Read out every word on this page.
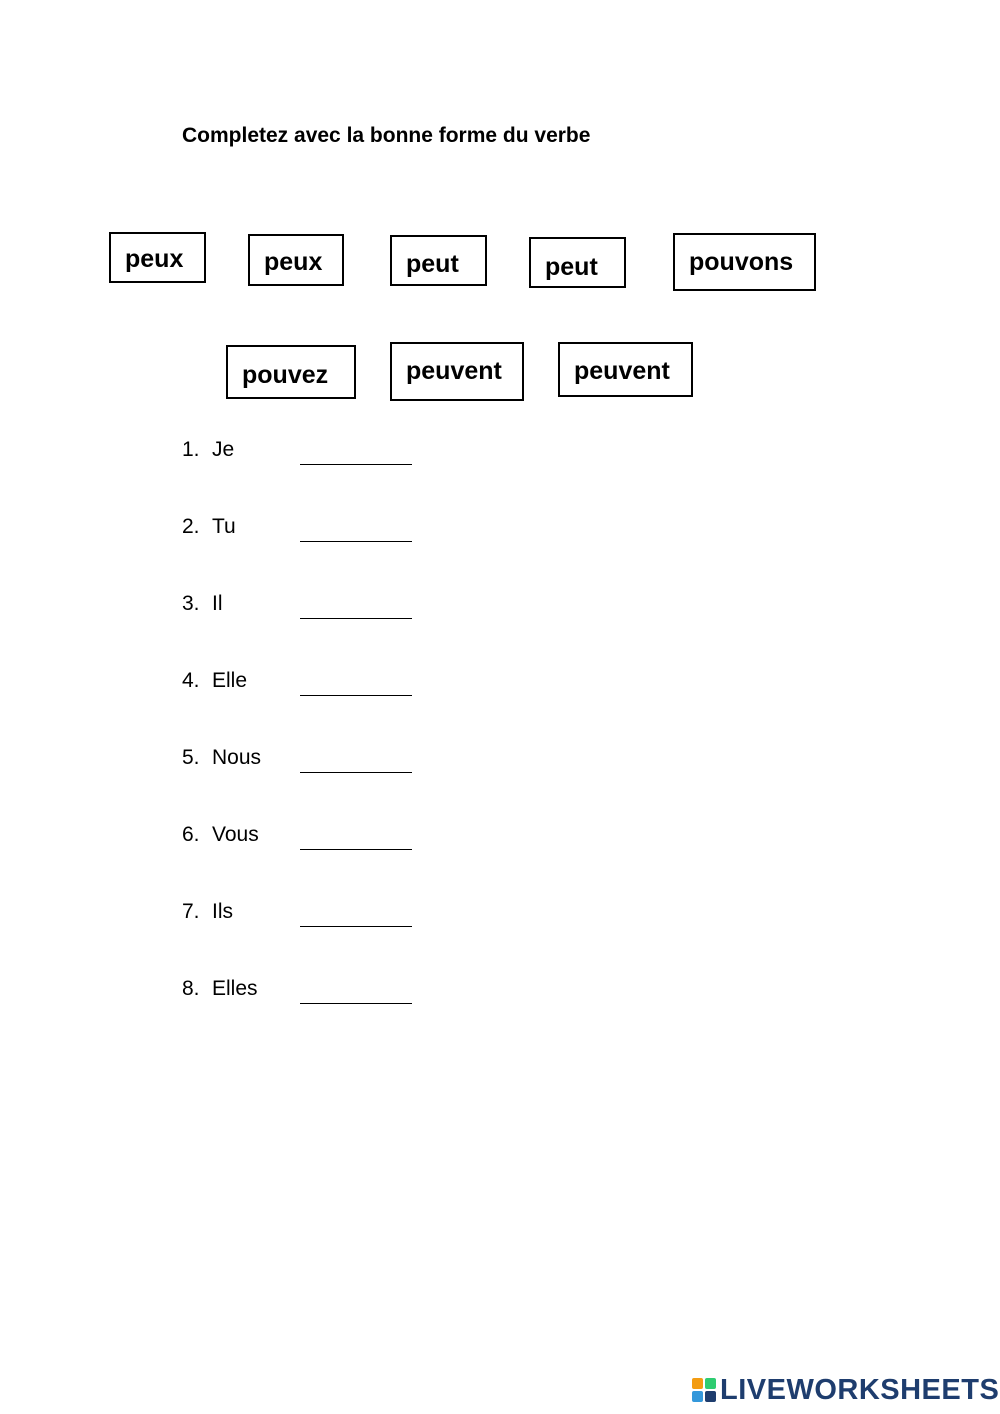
Completez avec la bonne forme du verbe
peux	peux	peut	peut	pouvons
pouvez	peuvent	peuvent
1. Je
2. Tu
3. Il
4. Elle
5. Nous
6. Vous
7. Ils
8. Elles
LIVEWORKSHEETS
